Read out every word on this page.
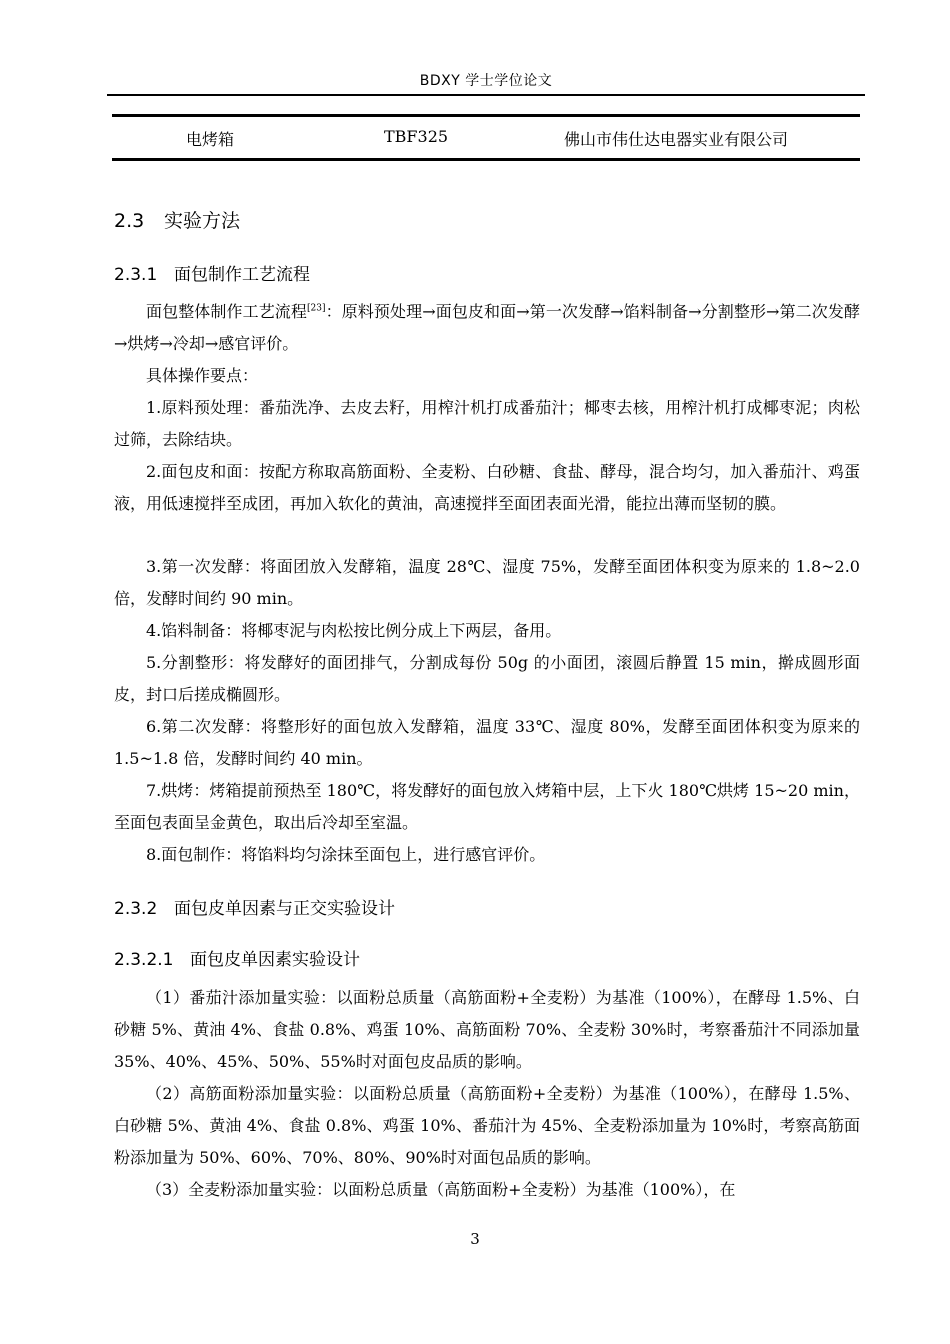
BDXY 学士学位论文
电烤箱	TBF325	佛山市伟仕达电器实业有限公司
2.3 实验方法
2.3.1 面包制作工艺流程

面包整体制作工艺流程[23]：原料预处理→面包皮和面→第一次发酵→馅料制备→分割整形→第二次发酵→烘烤→冷却→感官评价。

具体操作要点：

1.原料预处理：番茄洗净、去皮去籽，用榨汁机打成番茄汁；椰枣去核，用榨汁机打成椰枣泥；肉松过筛，去除结块。

2.面包皮和面：按配方称取高筋面粉、全麦粉、白砂糖、食盐、酵母，混合均匀，加入番茄汁、鸡蛋液，用低速搅拌至成团，再加入软化的黄油，高速搅拌至面团表面光滑，能拉出薄而坚韧的膜。

3.第一次发酵：将面团放入发酵箱，温度 28℃、湿度 75%，发酵至面团体积变为原来的 1.8~2.0 倍，发酵时间约 90 min。

4.馅料制备：将椰枣泥与肉松按比例分成上下两层，备用。

5.分割整形：将发酵好的面团排气，分割成每份 50g 的小面团，滚圆后静置 15 min，擀成圆形面皮，封口后搓成椭圆形。

6.第二次发酵：将整形好的面包放入发酵箱，温度 33℃、湿度 80%，发酵至面团体积变为原来的 1.5~1.8 倍，发酵时间约 40 min。

7.烘烤：烤箱提前预热至 180℃，将发酵好的面包放入烤箱中层，上下火 180℃烘烤 15~20 min，至面包表面呈金黄色，取出后冷却至室温。

8.面包制作：将馅料均匀涂抹至面包上，进行感官评价。

2.3.2 面包皮单因素与正交实验设计
2.3.2.1 面包皮单因素实验设计

（1）番茄汁添加量实验：以面粉总质量（高筋面粉+全麦粉）为基准（100%），在酵母 1.5%、白砂糖 5%、黄油 4%、食盐 0.8%、鸡蛋 10%、高筋面粉 70%、全麦粉 30%时，考察番茄汁不同添加量 35%、40%、45%、50%、55%时对面包皮品质的影响。

（2）高筋面粉添加量实验：以面粉总质量（高筋面粉+全麦粉）为基准（100%），在酵母 1.5%、白砂糖 5%、黄油 4%、食盐 0.8%、鸡蛋 10%、番茄汁为 45%、全麦粉添加量为 10%时，考察高筋面粉添加量为 50%、60%、70%、80%、90%时对面包品质的影响。

（3）全麦粉添加量实验：以面粉总质量（高筋面粉+全麦粉）为基准（100%），在

3
